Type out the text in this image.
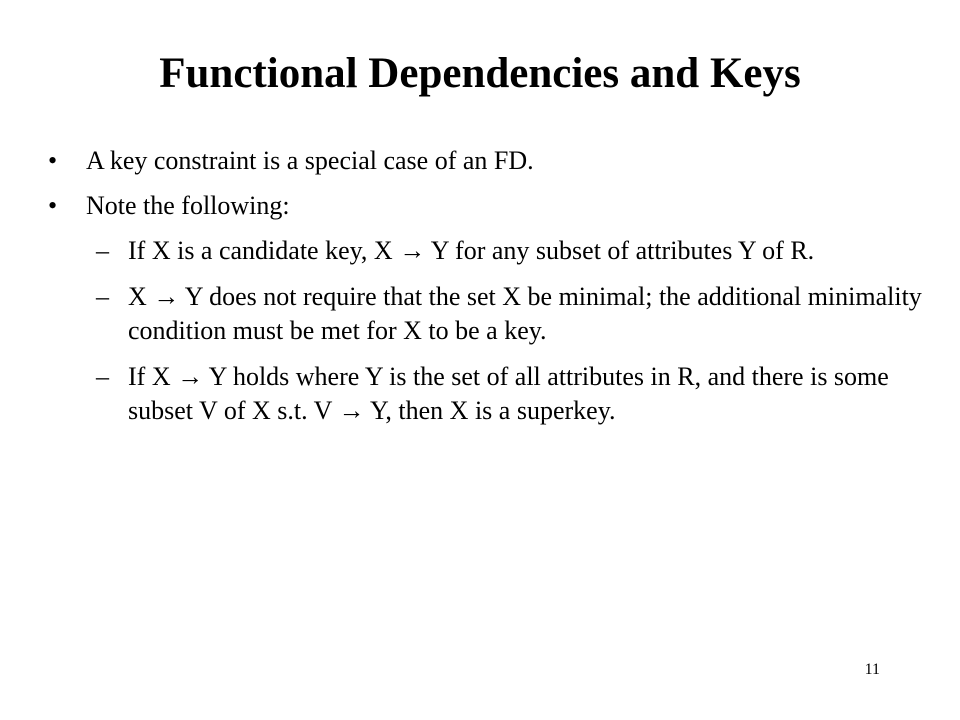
Functional Dependencies and Keys
• A key constraint is a special case of an FD.
• Note the following:
– If X is a candidate key, X → Y for any subset of attributes Y of R.
– X → Y does not require that the set X be minimal; the additional minimality condition must be met for X to be a key.
– If X → Y holds where Y is the set of all attributes in R, and there is some subset V of X s.t. V → Y, then X is a superkey.
11
